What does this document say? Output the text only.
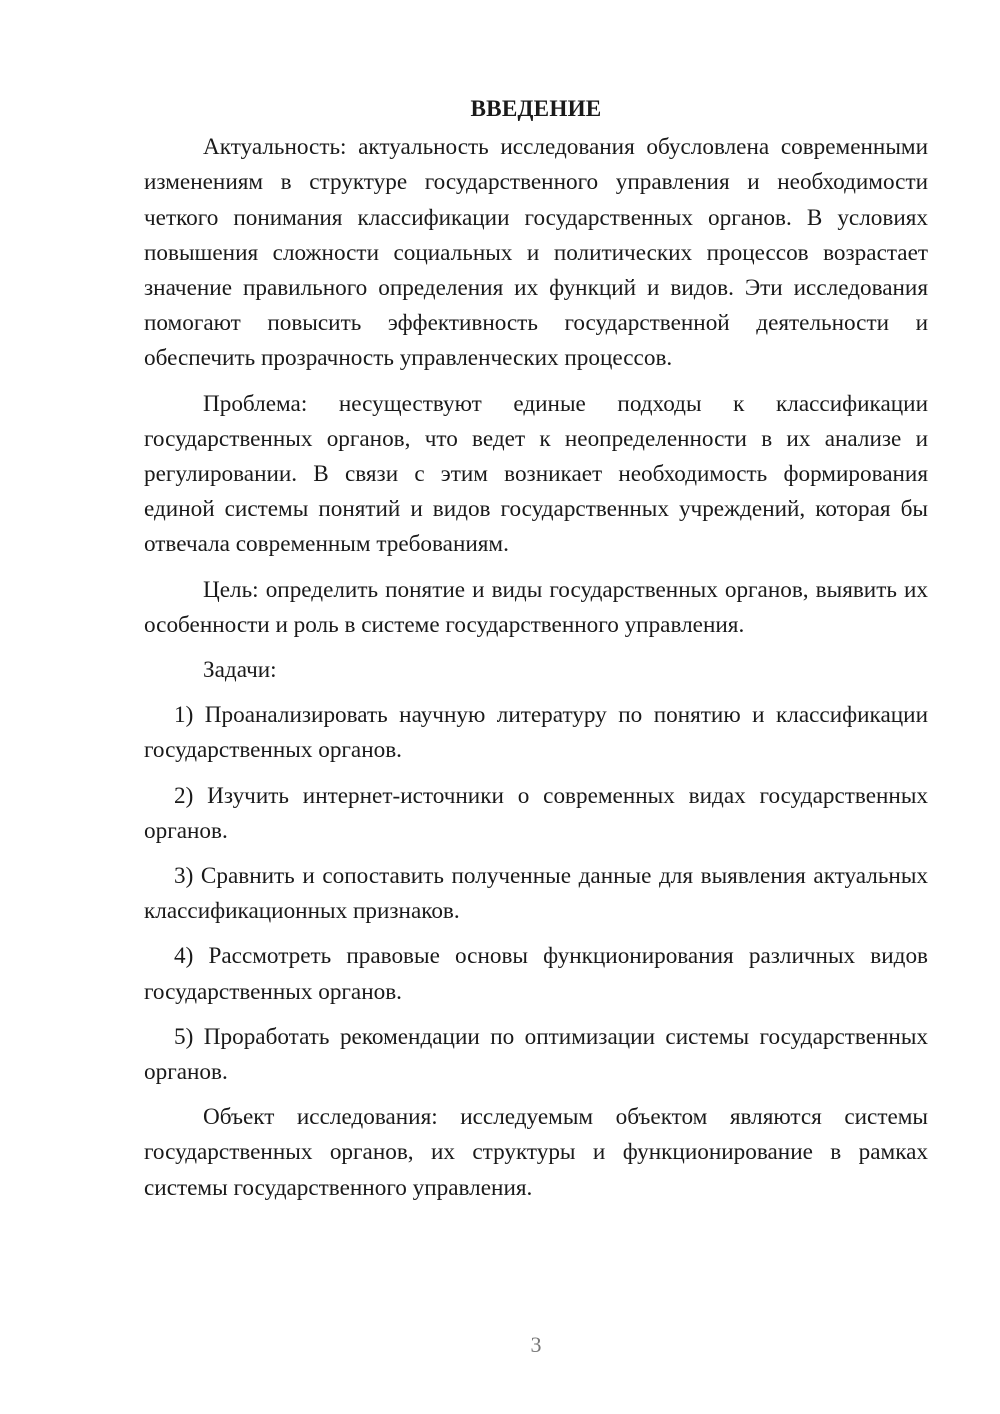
ВВЕДЕНИЕ

Актуальность: актуальность исследования обусловлена современными изменениям в структуре государственного управления и необходимости четкого понимания классификации государственных органов. В условиях повышения сложности социальных и политических процессов возрастает значение правильного определения их функций и видов. Эти исследования помогают повысить эффективность государственной деятельности и обеспечить прозрачность управленческих процессов.

Проблема: несуществуют единые подходы к классификации государственных органов, что ведет к неопределенности в их анализе и регулировании. В связи с этим возникает необходимость формирования единой системы понятий и видов государственных учреждений, которая бы отвечала современным требованиям.

Цель: определить понятие и виды государственных органов, выявить их особенности и роль в системе государственного управления.

Задачи:

1) Проанализировать научную литературу по понятию и классификации государственных органов.

2) Изучить интернет-источники о современных видах государственных органов.

3) Сравнить и сопоставить полученные данные для выявления актуальных классификационных признаков.

4) Рассмотреть правовые основы функционирования различных видов государственных органов.

5) Проработать рекомендации по оптимизации системы государственных органов.

Объект исследования: исследуемым объектом являются системы государственных органов, их структуры и функционирование в рамках системы государственного управления.

3
